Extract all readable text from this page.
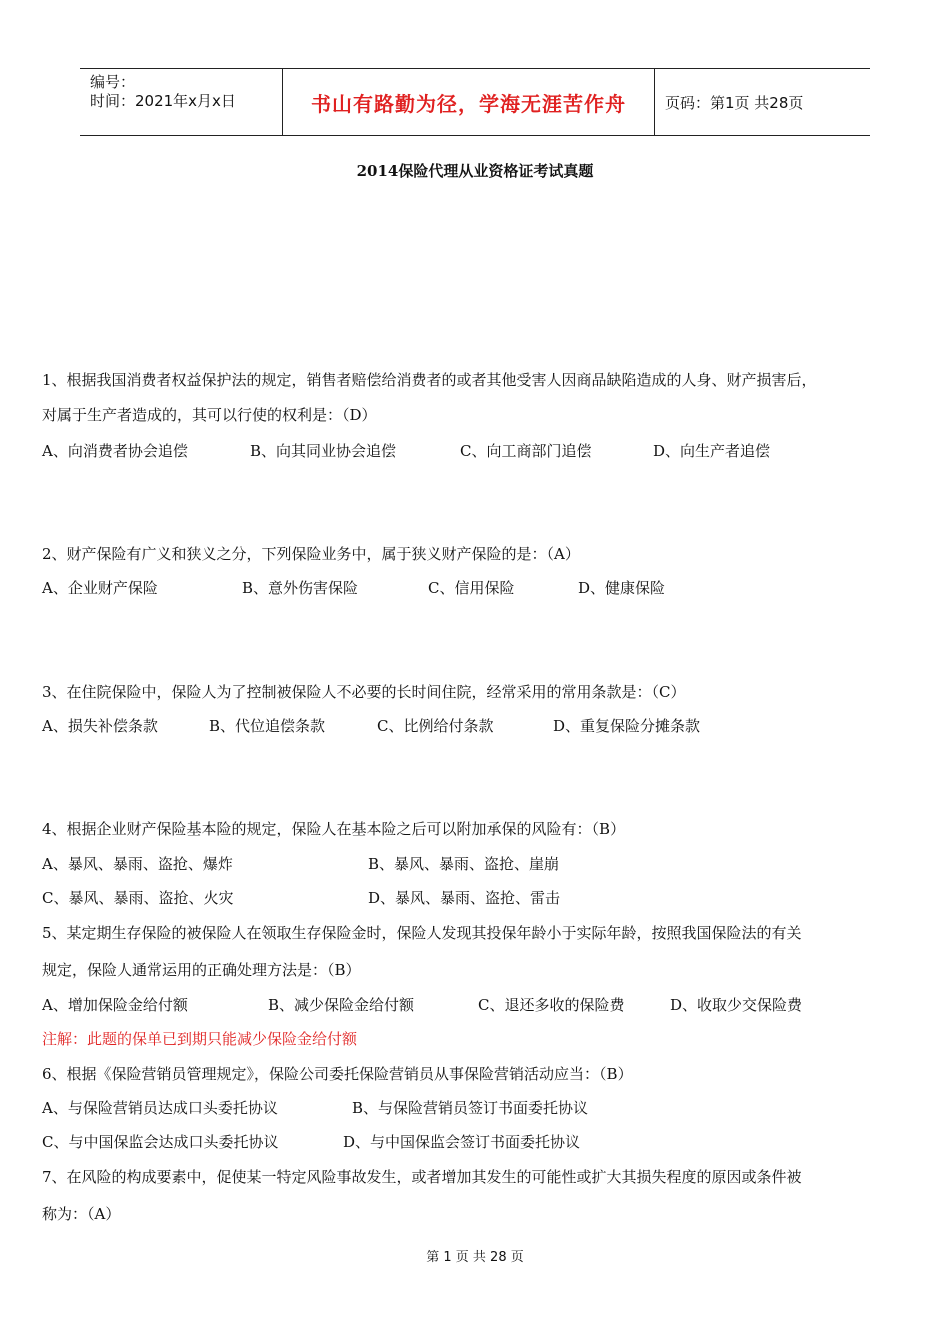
编号：
时间：2021年x月x日	书山有路勤为径，学海无涯苦作舟	页码：第1页 共28页
2014保险代理从业资格证考试真题
1、根据我国消费者权益保护法的规定，销售者赔偿给消费者的或者其他受害人因商品缺陷造成的人身、财产损害后，
对属于生产者造成的，其可以行使的权利是：（D）
A、向消费者协会追偿	B、向其同业协会追偿	C、向工商部门追偿	D、向生产者追偿
2、财产保险有广义和狭义之分，下列保险业务中，属于狭义财产保险的是：（A）
A、企业财产保险	B、意外伤害保险	C、信用保险	D、健康保险
3、在住院保险中，保险人为了控制被保险人不必要的长时间住院，经常采用的常用条款是：（C）
A、损失补偿条款	B、代位追偿条款	C、比例给付条款	D、重复保险分摊条款
4、根据企业财产保险基本险的规定，保险人在基本险之后可以附加承保的风险有：（B）
A、暴风、暴雨、盗抢、爆炸	B、暴风、暴雨、盗抢、崖崩
C、暴风、暴雨、盗抢、火灾	D、暴风、暴雨、盗抢、雷击
5、某定期生存保险的被保险人在领取生存保险金时，保险人发现其投保年龄小于实际年龄，按照我国保险法的有关
规定，保险人通常运用的正确处理方法是：（B）
A、增加保险金给付额	B、减少保险金给付额	C、退还多收的保险费	D、收取少交保险费
注解：此题的保单已到期只能减少保险金给付额
6、根据《保险营销员管理规定》，保险公司委托保险营销员从事保险营销活动应当：（B）
A、与保险营销员达成口头委托协议	B、与保险营销员签订书面委托协议
C、与中国保监会达成口头委托协议	D、与中国保监会签订书面委托协议
7、在风险的构成要素中，促使某一特定风险事故发生，或者增加其发生的可能性或扩大其损失程度的原因或条件被
称为：（A）
第 1 页 共 28 页
